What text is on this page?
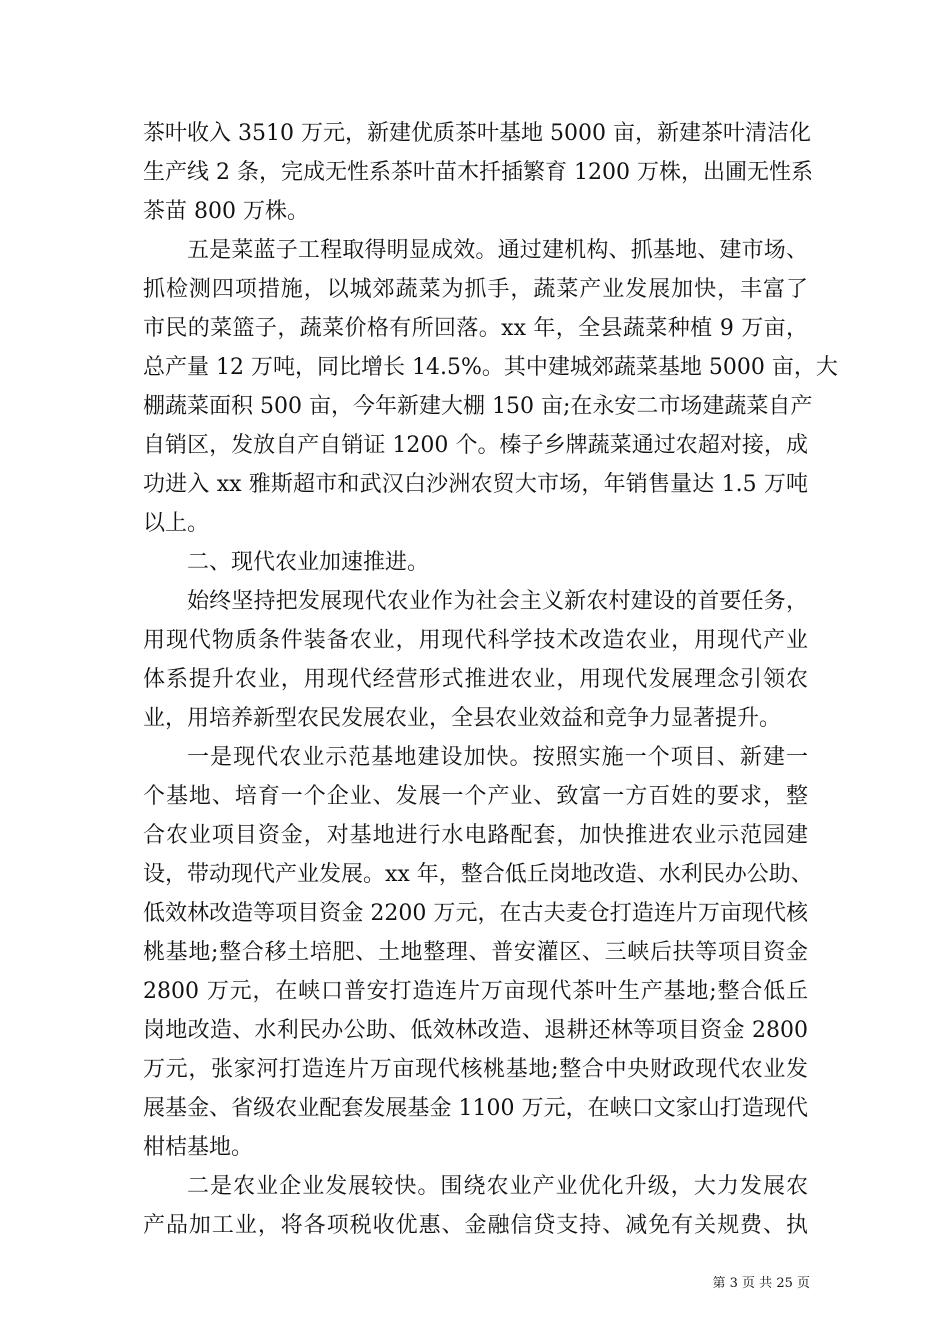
茶叶收入 3510 万元，新建优质茶叶基地 5000 亩，新建茶叶清洁化
生产线 2 条，完成无性系茶叶苗木扦插繁育 1200 万株，出圃无性系
茶苗 800 万株。
五是菜蓝子工程取得明显成效。通过建机构、抓基地、建市场、
抓检测四项措施，以城郊蔬菜为抓手，蔬菜产业发展加快，丰富了
市民的菜篮子，蔬菜价格有所回落。xx 年，全县蔬菜种植 9 万亩，
总产量 12 万吨，同比增长 14.5%。其中建城郊蔬菜基地 5000 亩，大
棚蔬菜面积 500 亩，今年新建大棚 150 亩;在永安二市场建蔬菜自产
自销区，发放自产自销证 1200 个。榛子乡牌蔬菜通过农超对接，成
功进入 xx 雅斯超市和武汉白沙洲农贸大市场，年销售量达 1.5 万吨
以上。
二、现代农业加速推进。
始终坚持把发展现代农业作为社会主义新农村建设的首要任务，
用现代物质条件装备农业，用现代科学技术改造农业，用现代产业
体系提升农业，用现代经营形式推进农业，用现代发展理念引领农
业，用培养新型农民发展农业，全县农业效益和竞争力显著提升。
一是现代农业示范基地建设加快。按照实施一个项目、新建一
个基地、培育一个企业、发展一个产业、致富一方百姓的要求，整
合农业项目资金，对基地进行水电路配套，加快推进农业示范园建
设，带动现代产业发展。xx 年，整合低丘岗地改造、水利民办公助、
低效林改造等项目资金 2200 万元，在古夫麦仓打造连片万亩现代核
桃基地;整合移土培肥、土地整理、普安灌区、三峡后扶等项目资金
2800 万元，在峡口普安打造连片万亩现代茶叶生产基地;整合低丘
岗地改造、水利民办公助、低效林改造、退耕还林等项目资金 2800
万元，张家河打造连片万亩现代核桃基地;整合中央财政现代农业发
展基金、省级农业配套发展基金 1100 万元，在峡口文家山打造现代
柑桔基地。
二是农业企业发展较快。围绕农业产业优化升级，大力发展农
产品加工业，将各项税收优惠、金融信贷支持、减免有关规费、执
第 3 页 共 25 页
